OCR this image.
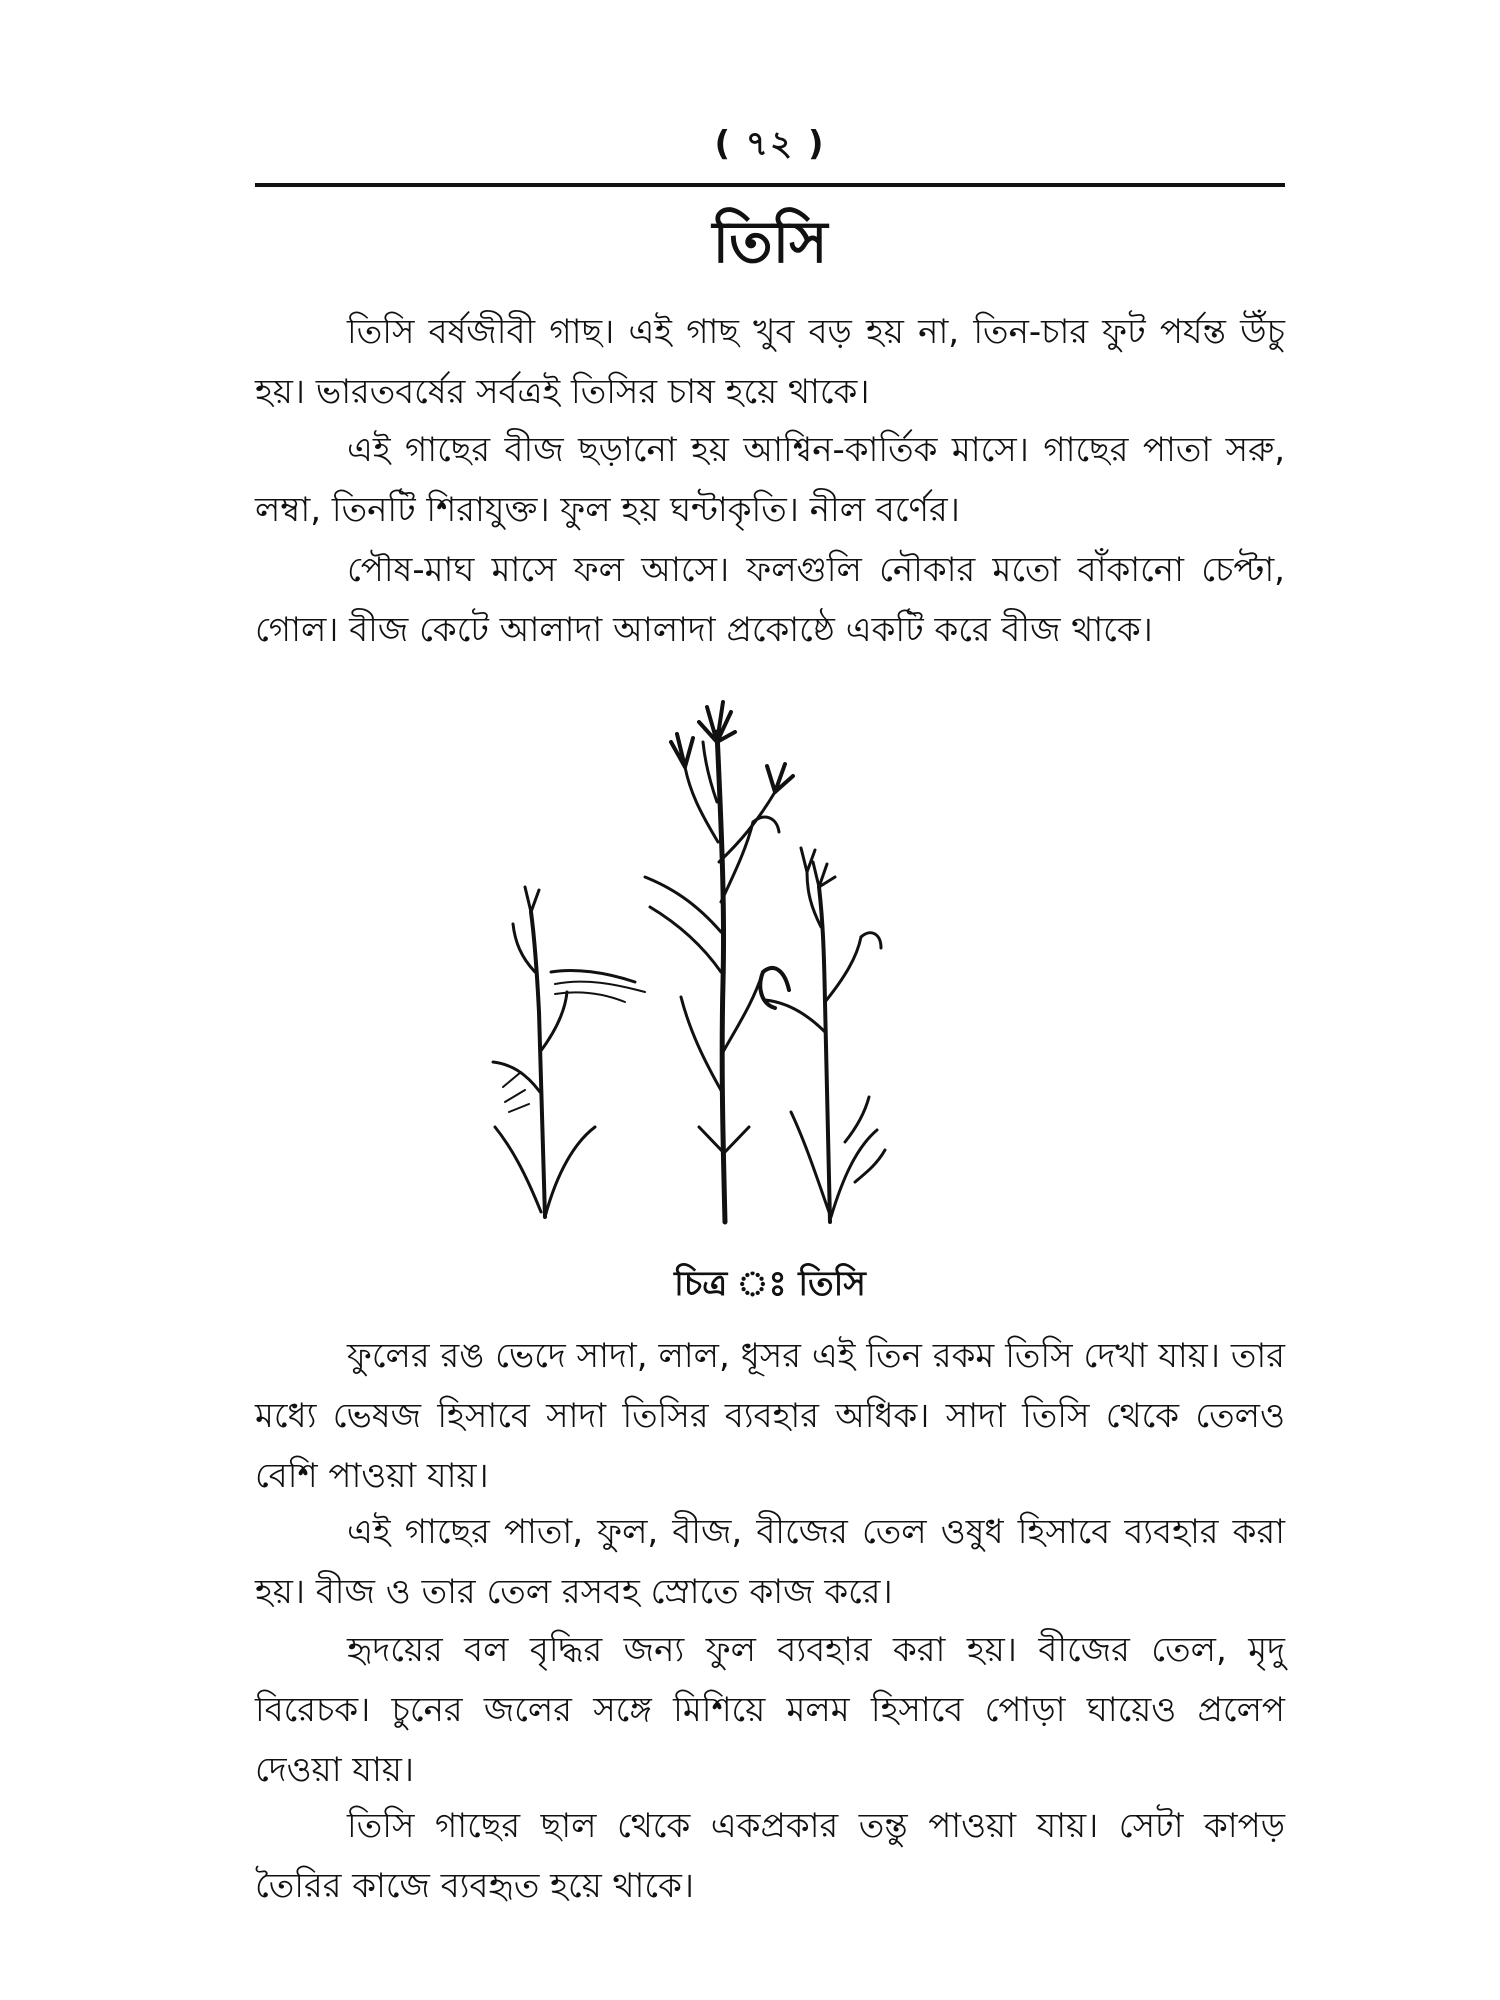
( ৭২ )
তিসি

তিসি বর্ষজীবী গাছ। এই গাছ খুব বড় হয় না, তিন-চার ফুট পর্যন্ত উঁচু হয়। ভারতবর্ষের সর্বত্রই তিসির চাষ হয়ে থাকে।

এই গাছের বীজ ছড়ানো হয় আশ্বিন-কার্তিক মাসে। গাছের পাতা সরু, লম্বা, তিনটি শিরাযুক্ত। ফুল হয় ঘন্টাকৃতি। নীল বর্ণের।

পৌষ-মাঘ মাসে ফল আসে। ফলগুলি নৌকার মতো বাঁকানো চেপ্টা, গোল। বীজ কেটে আলাদা আলাদা প্রকোষ্ঠে একটি করে বীজ থাকে।

চিত্র ঃ তিসি

ফুলের রঙ ভেদে সাদা, লাল, ধূসর এই তিন রকম তিসি দেখা যায়। তার মধ্যে ভেষজ হিসাবে সাদা তিসির ব্যবহার অধিক। সাদা তিসি থেকে তেলও বেশি পাওয়া যায়।

এই গাছের পাতা, ফুল, বীজ, বীজের তেল ওষুধ হিসাবে ব্যবহার করা হয়। বীজ ও তার তেল রসবহ স্রোতে কাজ করে।

হৃদয়ের বল বৃদ্ধির জন্য ফুল ব্যবহার করা হয়। বীজের তেল, মৃদু বিরেচক। চুনের জলের সঙ্গে মিশিয়ে মলম হিসাবে পোড়া ঘায়েও প্রলেপ দেওয়া যায়।

তিসি গাছের ছাল থেকে একপ্রকার তন্তু পাওয়া যায়। সেটা কাপড় তৈরির কাজে ব্যবহৃত হয়ে থাকে।
